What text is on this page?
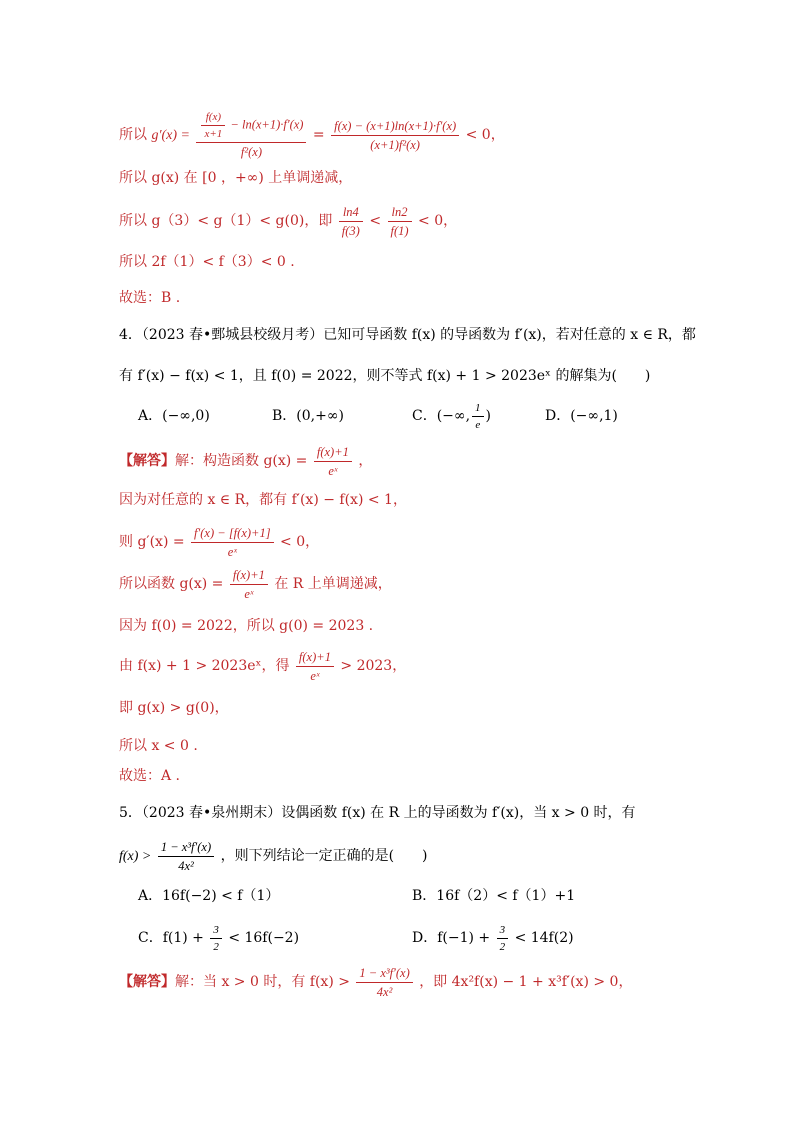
所以 $g'(x) = \frac{\frac{f(x)}{x+1} - \ln(x+1)\cdot f'(x)}{\text{f²(x)}} = \frac{f(x) - (x+1)\ln(x+1)\cdot f'(x)}{\text{(x+1)f²(x)}} < 0$，
所以 g(x) 在 [0 ，+∞) 上单调递减，
所以 g（3）< g（1）< g(0)，即 $\frac{\ln 4}{f(3)} < \frac{\ln 2}{f(1)} < 0$，
所以 2f（1）< f（3）< 0 .
故选：B .
4．（2023 春•鄄城县校级月考）已知可导函数 f(x) 的导函数为 f′(x)，若对任意的 x ∈ R，都
有 f′(x) − f(x) < 1，且 f(0) = 2022，则不等式 f(x) + 1 > 2023eˣ 的解集为(　　)
A．(−∞,0)	B．(0,+∞)	C．(−∞, $\frac{1}{e}$ )	D．(−∞,1)
【解答】解：构造函数 $g(x) = \frac{f(x)+1}{\text{eˣ}}$ ，
因为对任意的 x ∈ R，都有 f′(x) − f(x) < 1，
则 $g'(x) = \frac{f'(x) - [f(x)+1]}{\text{eˣ}} < 0$，
所以函数 $g(x) = \frac{f(x)+1}{\text{eˣ}}$ 在 R 上单调递减，
因为 f(0) = 2022，所以 g(0) = 2023 .
由 f(x) + 1 > 2023eˣ，得 $\frac{f(x)+1}{\text{eˣ}} > 2023$，
即 g(x) > g(0)，
所以 x < 0 .
故选：A .
5．（2023 春•泉州期末）设偶函数 f(x) 在 R 上的导函数为 f′(x)，当 x > 0 时，有
$f(x) > \frac{\text{1 − x³f′(x)}}{\text{4x²}}$ ，则下列结论一定正确的是(　　)
A．16f(−2) < f（1）	B．16f（2）< f（1）+1
C．$f(1) + \frac{3}{2} < 16f(-2)$	D．$f(-1) + \frac{3}{2} < 14f(2)$
【解答】解：当 x > 0 时，有 $f(x) > \frac{\text{1 − x³f′(x)}}{\text{4x²}}$ ，即 4x²f(x) − 1 + x³f′(x) > 0，
